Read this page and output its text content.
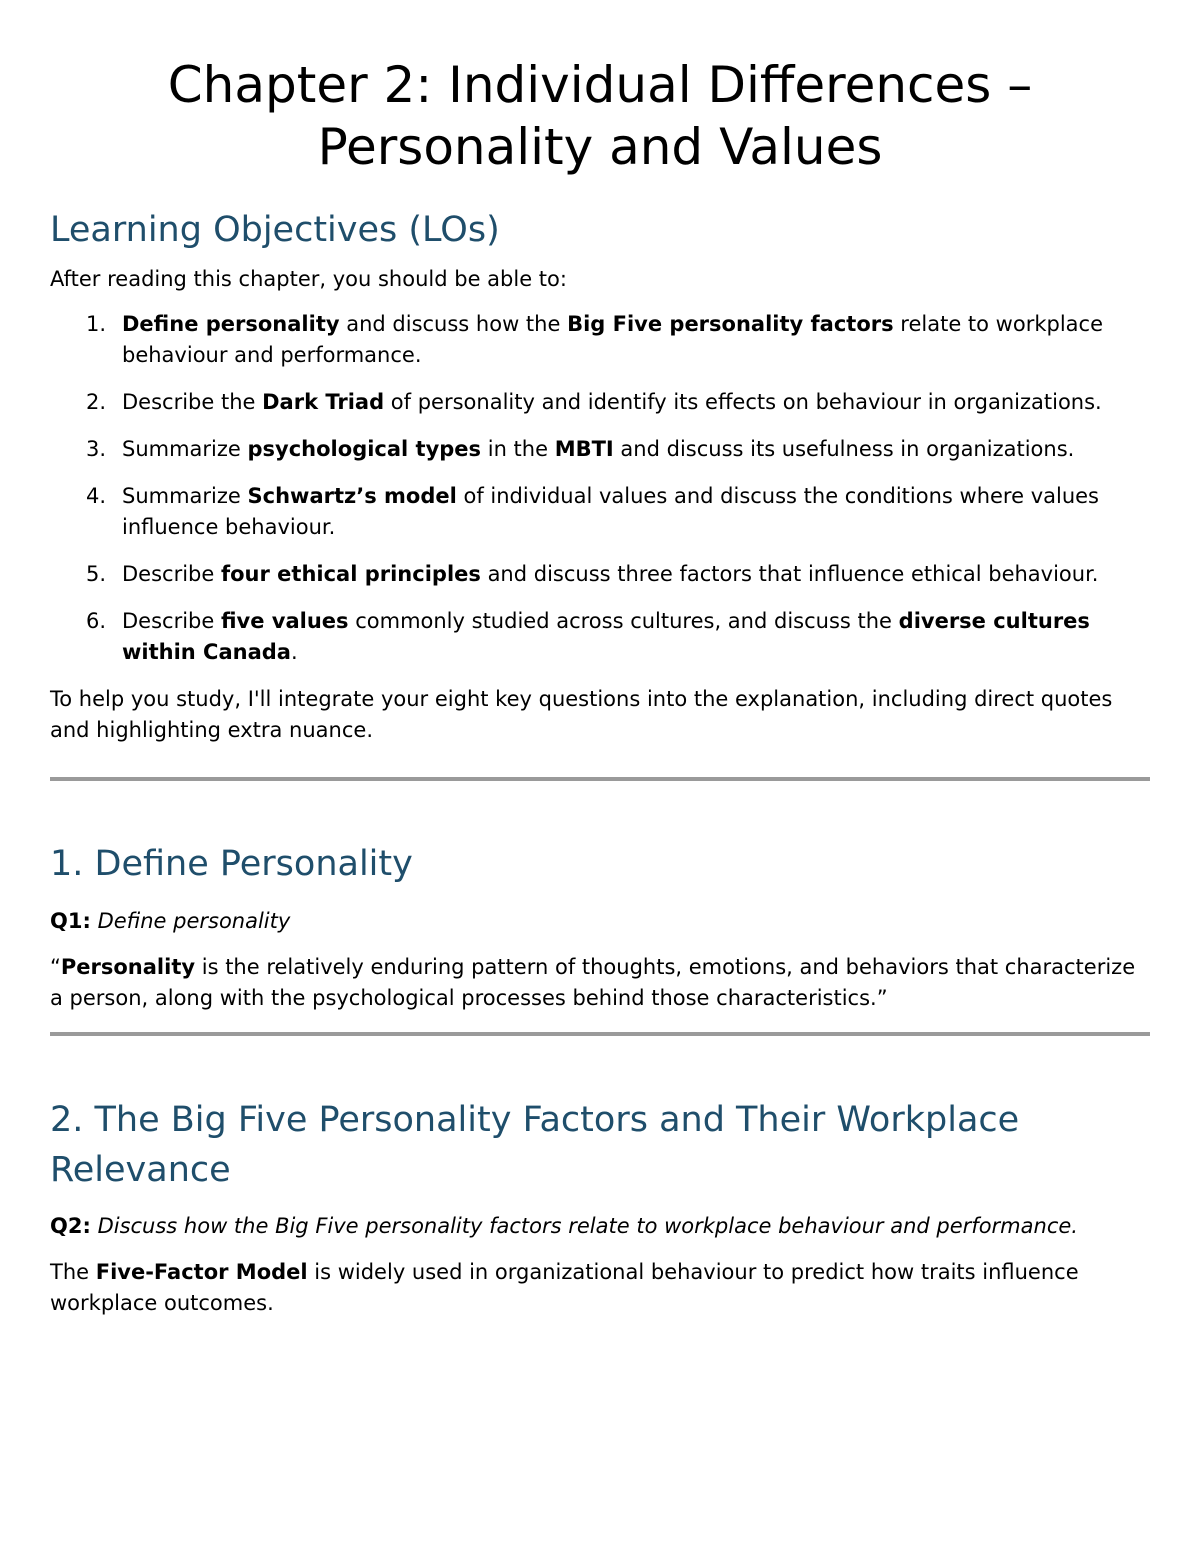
Chapter 2: Individual Differences –
Personality and Values
Learning Objectives (LOs)

After reading this chapter, you should be able to:

1. Define personality and discuss how the Big Five personality factors relate to workplace behaviour and performance.
2. Describe the Dark Triad of personality and identify its effects on behaviour in organizations.
3. Summarize psychological types in the MBTI and discuss its usefulness in organizations.
4. Summarize Schwartz’s model of individual values and discuss the conditions where values influence behaviour.
5. Describe four ethical principles and discuss three factors that influence ethical behaviour.
6. Describe five values commonly studied across cultures, and discuss the diverse cultures within Canada.

To help you study, I'll integrate your eight key questions into the explanation, including direct quotes and highlighting extra nuance.

1. Define Personality

Q1: Define personality

“Personality is the relatively enduring pattern of thoughts, emotions, and behaviors that characterize a person, along with the psychological processes behind those characteristics.”

2. The Big Five Personality Factors and Their Workplace Relevance

Q2: Discuss how the Big Five personality factors relate to workplace behaviour and performance.

The Five-Factor Model is widely used in organizational behaviour to predict how traits influence workplace outcomes.
